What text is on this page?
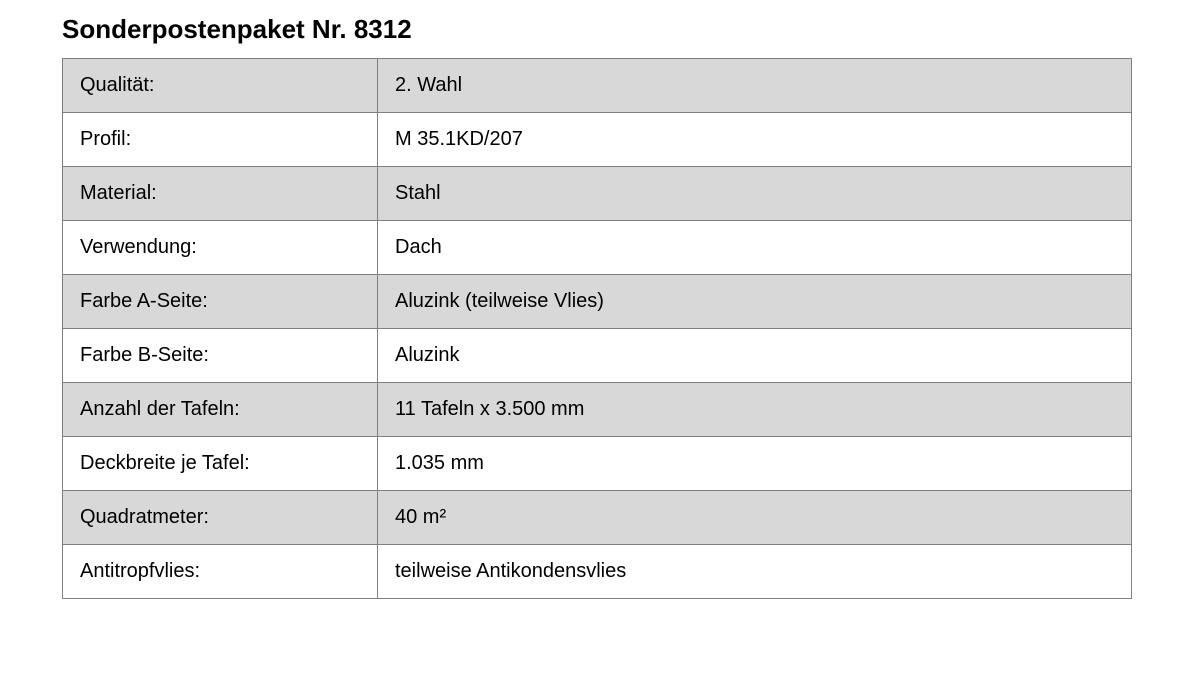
Sonderpostenpaket Nr. 8312
Qualität:	2. Wahl
Profil:	M 35.1KD/207
Material:	Stahl
Verwendung:	Dach
Farbe A-Seite:	Aluzink (teilweise Vlies)
Farbe B-Seite:	Aluzink
Anzahl der Tafeln:	11 Tafeln x 3.500 mm
Deckbreite je Tafel:	1.035 mm
Quadratmeter:	40 m²
Antitropfvlies:	teilweise Antikondensvlies
